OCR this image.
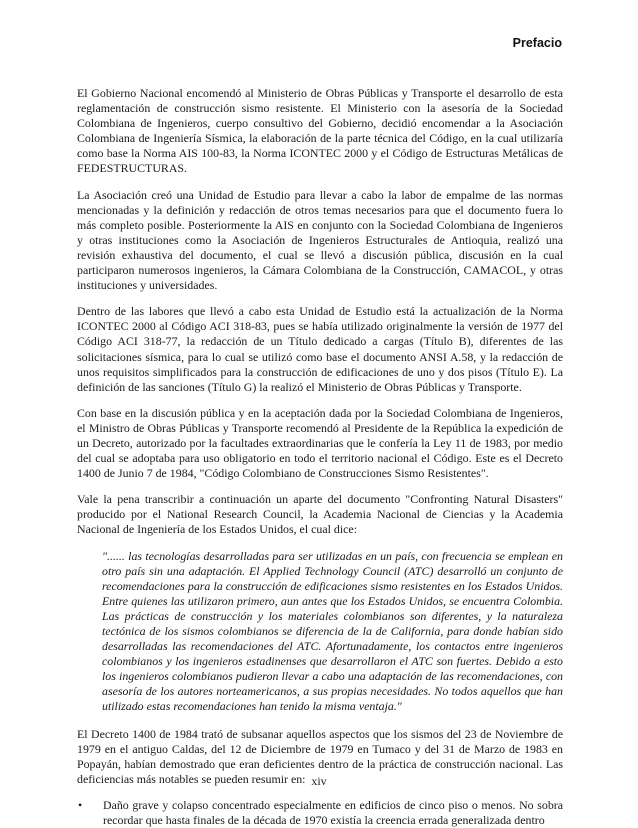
Prefacio

El Gobierno Nacional encomendó al Ministerio de Obras Públicas y Transporte el desarrollo de esta reglamentación de construcción sismo resistente. El Ministerio con la asesoría de la Sociedad Colombiana de Ingenieros, cuerpo consultivo del Gobierno, decidió encomendar a la Asociación Colombiana de Ingeniería Sísmica, la elaboración de la parte técnica del Código, en la cual utilizaría como base la Norma AIS 100-83, la Norma ICONTEC 2000 y el Código de Estructuras Metálicas de FEDESTRUCTURAS.

La Asociación creó una Unidad de Estudio para llevar a cabo la labor de empalme de las normas mencionadas y la definición y redacción de otros temas necesarios para que el documento fuera lo más completo posible. Posteriormente la AIS en conjunto con la Sociedad Colombiana de Ingenieros y otras instituciones como la Asociación de Ingenieros Estructurales de Antioquia, realizó una revisión exhaustiva del documento, el cual se llevó a discusión pública, discusión en la cual participaron numerosos ingenieros, la Cámara Colombiana de la Construcción, CAMACOL, y otras instituciones y universidades.

Dentro de las labores que llevó a cabo esta Unidad de Estudio está la actualización de la Norma ICONTEC 2000 al Código ACI 318-83, pues se había utilizado originalmente la versión de 1977 del Código ACI 318-77, la redacción de un Título dedicado a cargas (Título B), diferentes de las solicitaciones sísmica, para lo cual se utilizó como base el documento ANSI A.58, y la redacción de unos requisitos simplificados para la construcción de edificaciones de uno y dos pisos (Título E). La definición de las sanciones (Título G) la realizó el Ministerio de Obras Públicas y Transporte.

Con base en la discusión pública y en la aceptación dada por la Sociedad Colombiana de Ingenieros, el Ministro de Obras Públicas y Transporte recomendó al Presidente de la República la expedición de un Decreto, autorizado por la facultades extraordinarias que le confería la Ley 11 de 1983, por medio del cual se adoptaba para uso obligatorio en todo el territorio nacional el Código. Este es el Decreto 1400 de Junio 7 de 1984, "Código Colombiano de Construcciones Sismo Resistentes".

Vale la pena transcribir a continuación un aparte del documento "Confronting Natural Disasters" producido por el National Research Council, la Academia Nacional de Ciencias y la Academia Nacional de Ingeniería de los Estados Unidos, el cual dice:

"...... las tecnologías desarrolladas para ser utilizadas en un país, con frecuencia se emplean en otro país sin una adaptación. El Applied Technology Council (ATC) desarrolló un conjunto de recomendaciones para la construcción de edificaciones sismo resistentes en los Estados Unidos. Entre quienes las utilizaron primero, aun antes que los Estados Unidos, se encuentra Colombia. Las prácticas de construcción y los materiales colombianos son diferentes, y la naturaleza tectónica de los sismos colombianos se diferencia de la de California, para donde habían sido desarrolladas las recomendaciones del ATC. Afortunadamente, los contactos entre ingenieros colombianos y los ingenieros estadinenses que desarrollaron el ATC son fuertes. Debido a esto los ingenieros colombianos pudieron llevar a cabo una adaptación de las recomendaciones, con asesoría de los autores norteamericanos, a sus propias necesidades. No todos aquellos que han utilizado estas recomendaciones han tenido la misma ventaja."

El Decreto 1400 de 1984 trató de subsanar aquellos aspectos que los sismos del 23 de Noviembre de 1979 en el antiguo Caldas, del 12 de Diciembre de 1979 en Tumaco y del 31 de Marzo de 1983 en Popayán, habían demostrado que eran deficientes dentro de la práctica de construcción nacional. Las deficiencias más notables se pueden resumir en:

• Daño grave y colapso concentrado especialmente en edificios de cinco piso o menos. No sobra recordar que hasta finales de la década de 1970 existía la creencia errada generalizada dentro
xiv
